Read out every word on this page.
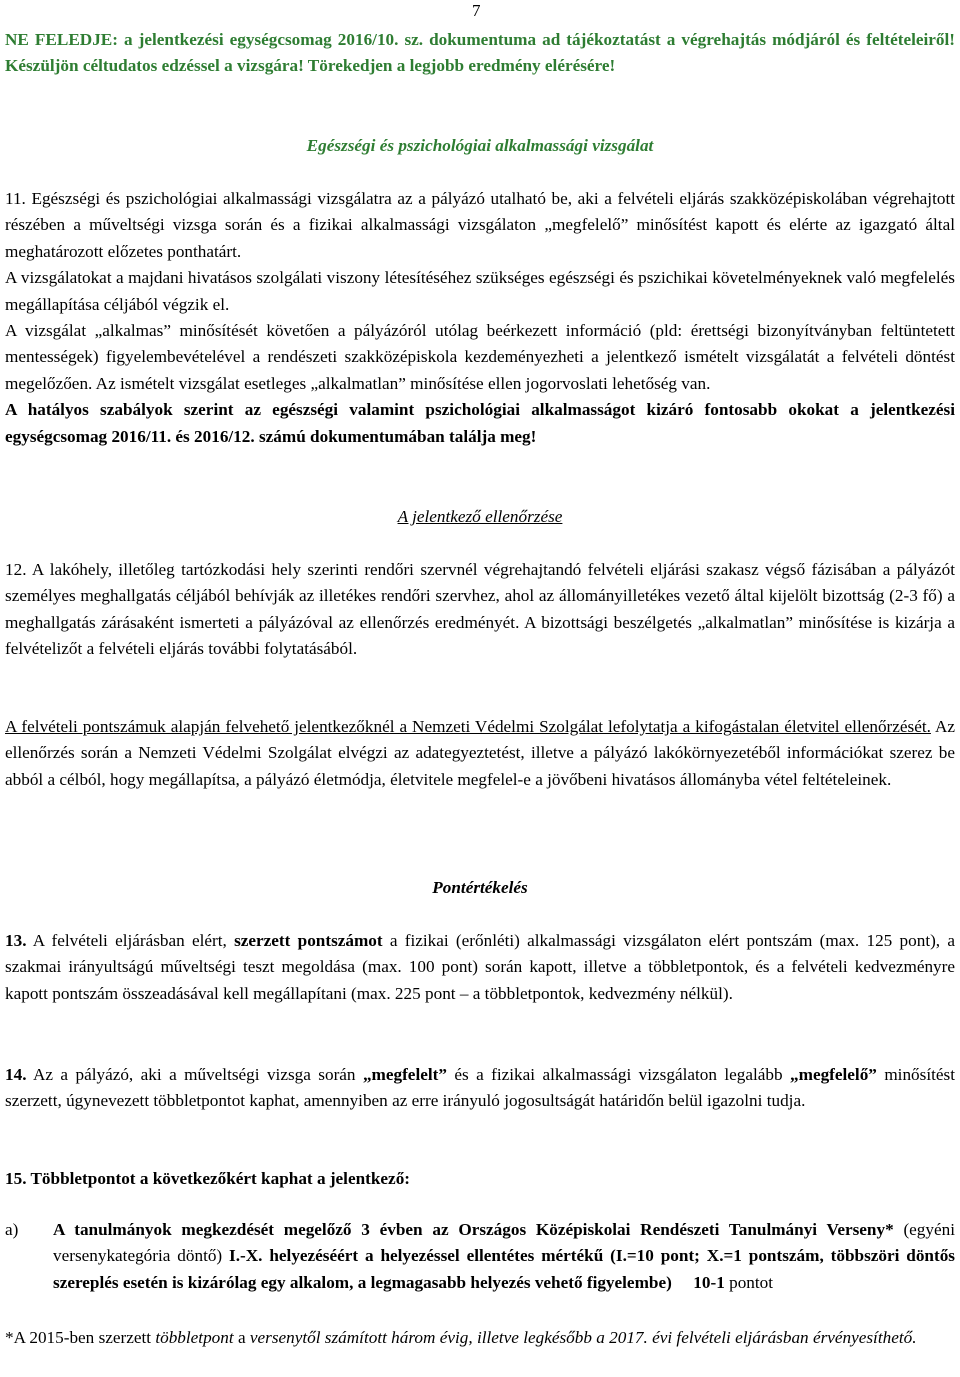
7

NE FELEDJE: a jelentkezési egységcsomag 2016/10. sz. dokumentuma ad tájékoztatást a végrehajtás módjáról és feltételeiről! Készüljön céltudatos edzéssel a vizsgára! Törekedjen a legjobb eredmény elérésére!

Egészségi és pszichológiai alkalmassági vizsgálat

11. Egészségi és pszichológiai alkalmassági vizsgálatra az a pályázó utalható be, aki a felvételi eljárás szakközépiskolában végrehajtott részében a műveltségi vizsga során és a fizikai alkalmassági vizsgálaton „megfelelő” minősítést kapott és elérte az igazgató által meghatározott előzetes ponthatárt.
A vizsgálatokat a majdani hivatásos szolgálati viszony létesítéséhez szükséges egészségi és pszichikai követelményeknek való megfelelés megállapítása céljából végzik el.
A vizsgálat „alkalmas” minősítését követően a pályázóról utólag beérkezett információ (pld: érettségi bizonyítványban feltüntetett mentességek) figyelembevételével a rendészeti szakközépiskola kezdeményezheti a jelentkező ismételt vizsgálatát a felvételi döntést megelőzően. Az ismételt vizsgálat esetleges „alkalmatlan” minősítése ellen jogorvoslati lehetőség van.
A hatályos szabályok szerint az egészségi valamint pszichológiai alkalmasságot kizáró fontosabb okokat a jelentkezési egységcsomag 2016/11. és 2016/12. számú dokumentumában találja meg!

A jelentkező ellenőrzése

12. A lakóhely, illetőleg tartózkodási hely szerinti rendőri szervnél végrehajtandó felvételi eljárási szakasz végső fázisában a pályázót személyes meghallgatás céljából behívják az illetékes rendőri szervhez, ahol az állományilletékes vezető által kijelölt bizottság (2-3 fő) a meghallgatás zárásaként ismerteti a pályázóval az ellenőrzés eredményét. A bizottsági beszélgetés „alkalmatlan” minősítése is kizárja a felvételizőt a felvételi eljárás további folytatásából.
A felvételi pontszámuk alapján felvehető jelentkezőknél a Nemzeti Védelmi Szolgálat lefolytatja a kifogástalan életvitel ellenőrzését. Az ellenőrzés során a Nemzeti Védelmi Szolgálat elvégzi az adategyeztetést, illetve a pályázó lakókörnyezetéből információkat szerez be abból a célból, hogy megállapítsa, a pályázó életmódja, életvitele megfelel-e a jövőbeni hivatásos állományba vétel feltételeinek.

Pontértékelés

13. A felvételi eljárásban elért, szerzett pontszámot a fizikai (erőnléti) alkalmassági vizsgálaton elért pontszám (max. 125 pont), a szakmai irányultságú műveltségi teszt megoldása (max. 100 pont) során kapott, illetve a többletpontok, és a felvételi kedvezményre kapott pontszám összeadásával kell megállapítani (max. 225 pont – a többletpontok, kedvezmény nélkül).
14. Az a pályázó, aki a műveltségi vizsga során „megfelelt” és a fizikai alkalmassági vizsgálaton legalább „megfelelő” minősítést szerzett, úgynevezett többletpontot kaphat, amennyiben az erre irányuló jogosultságát határidőn belül igazolni tudja.
15. Többletpontot a következőkért kaphat a jelentkező:
a) A tanulmányok megkezdését megelőző 3 évben az Országos Középiskolai Rendészeti Tanulmányi Verseny* (egyéni versenykategória döntő) I.-X. helyezéséért a helyezéssel ellentétes mértékű (I.=10 pont; X.=1 pontszám, többszöri döntős szereplés esetén is kizárólag egy alkalom, a legmagasabb helyezés vehető figyelembe) 10-1 pontot
*A 2015-ben szerzett többletpont a versenytől számított három évig, illetve legkésőbb a 2017. évi felvételi eljárásban érvényesíthető.
